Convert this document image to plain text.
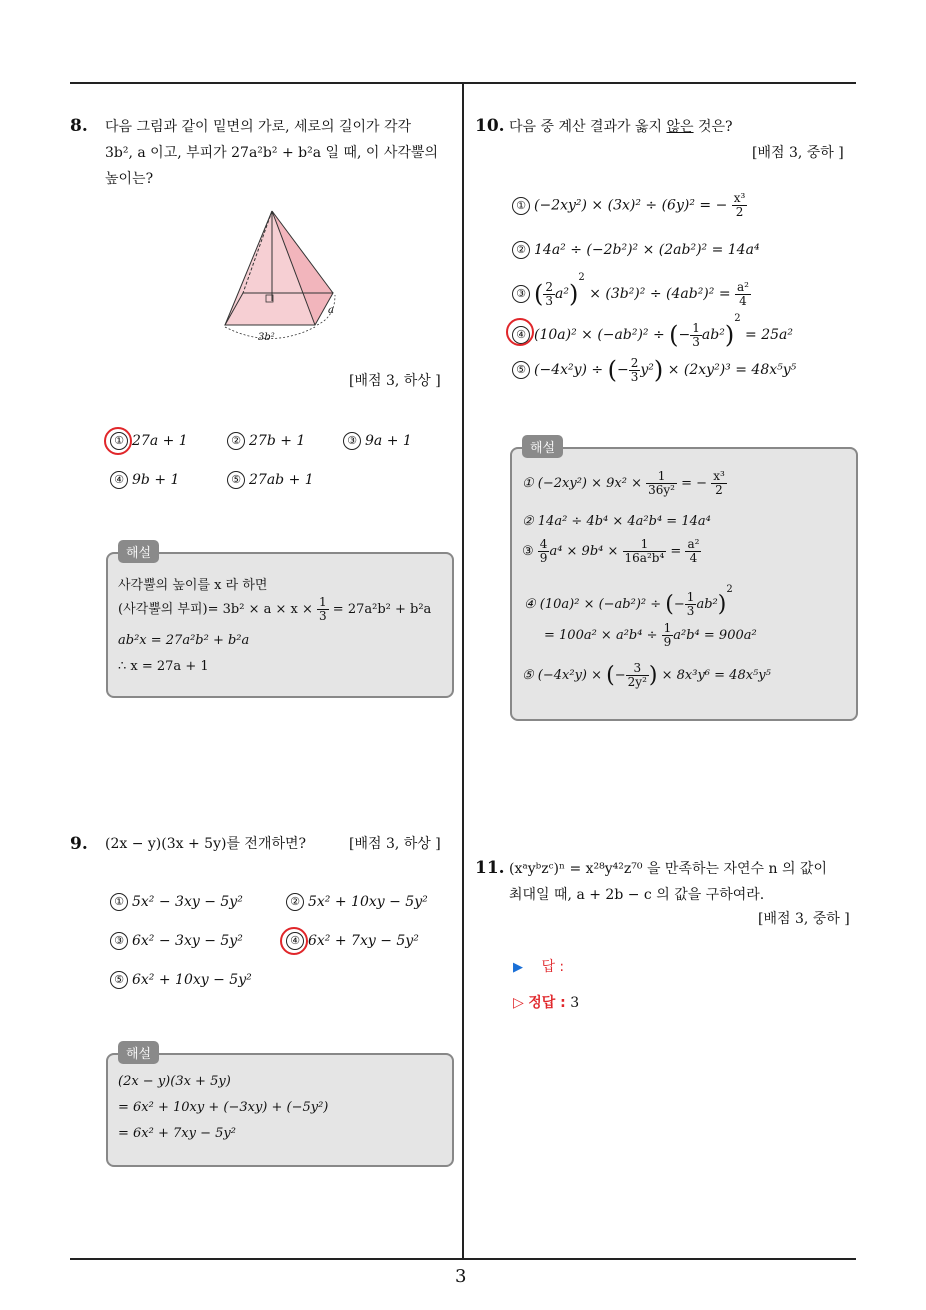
3
8. 다음 그림과 같이 밑면의 가로, 세로의 길이가 각각
3b², a 이고, 부피가 27a²b² + b²a 일 때, 이 사각뿔의
높이는?
3b²
a
[배점 3, 하상 ]
① 27a + 1	② 27b + 1	③ 9a + 1
④ 9b + 1	⑤ 27ab + 1
해설
사각뿔의 높이를 x 라 하면
(사각뿔의 부피)= $3b^2 \times a \times x \times \frac{1}{3} = 27a^2b^2 + b^2a$
ab²x = 27a²b² + b²a
∴ x = 27a + 1
9. (2x − y)(3x + 5y)를 전개하면?	[배점 3, 하상 ]
① 5x² − 3xy − 5y²	② 5x² + 10xy − 5y²
③ 6x² − 3xy − 5y²	④ 6x² + 7xy − 5y²
⑤ 6x² + 10xy − 5y²
해설
(2x − y)(3x + 5y)
= 6x² + 10xy + (−3xy) + (−5y²)
= 6x² + 7xy − 5y²
10. 다음 중 계산 결과가 옳지 않은 것은?
[배점 3, 중하 ]
① (−2xy²) × (3x)² ÷ (6y)² = − $\frac{\text{x³}}{2}$
② 14a² ÷ (−2b²)² × (2ab²)² = 14a⁴
③ ( $\frac{2}{3} a^2)^2 \times (3b^2)^2 \div (4ab^2)^2 = \frac{\text{a²}}{4}$
④ (10a)² × (−ab²)² ÷ (− $\frac{1}{3} ab^2)^2 = 25a^2$
⑤ (−4x²y) ÷ (− $\frac{2}{3} y^2) \times (2xy^2)^3 = 48x^5y^5$
해설
① $(-2xy^2) \times 9x^2 \times \frac{1}{\text{36y²}}$ = − $\frac{\text{x³}}{2}$
② 14a² ÷ 4b⁴ × 4a²b⁴ = 14a⁴
③ $\frac{4}{9} a^4 \times 9b^4 \times \frac{1}{\text{16a²b⁴}} = \frac{\text{a²}}{4}$
④ (10a)² × (−ab²)² ÷ (− $\frac{1}{3} ab^2)^2$
= $100a^2 \times a^2b^4 \div \frac{1}{9} a^2b^4 = 900a^2$
⑤ (−4x²y) × (− $\frac{3}{\text{2y²}}$ ) × 8x³y⁶ = 48x⁵y⁵
11. (xᵃyᵇzᶜ)ⁿ = x²⁸y⁴²z⁷⁰ 을 만족하는 자연수 n 의 값이
최대일 때, a + 2b − c 의 값을 구하여라.
[배점 3, 중하 ]
▶ 답 :
▷ 정답 : 3
